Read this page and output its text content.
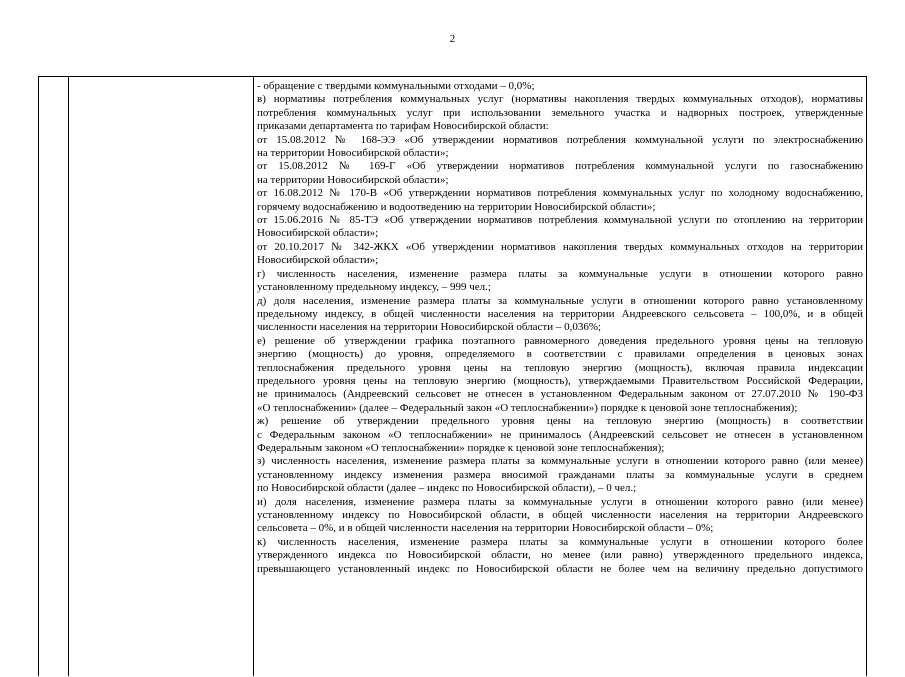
2
- обращение с твердыми коммунальными отходами – 0,0%;
в) нормативы потребления коммунальных услуг (нормативы накопления твердых коммунальных отходов), нормативы
потребления коммунальных услуг при использовании земельного участка и надворных построек, утвержденные
приказами департамента по тарифам Новосибирской области:
от 15.08.2012 № 168-ЭЭ «Об утверждении нормативов потребления коммунальной услуги по электроснабжению
на территории Новосибирской области»;
от 15.08.2012 № 169-Г «Об утверждении нормативов потребления коммунальной услуги по газоснабжению
на территории Новосибирской области»;
от 16.08.2012 № 170-В «Об утверждении нормативов потребления коммунальных услуг по холодному водоснабжению,
горячему водоснабжению и водоотведению на территории Новосибирской области»;
от 15.06.2016 № 85-ТЭ «Об утверждении нормативов потребления коммунальной услуги по отоплению на территории
Новосибирской области»;
от 20.10.2017 № 342-ЖКХ «Об утверждении нормативов накопления твердых коммунальных отходов на территории
Новосибирской области»;
г) численность населения, изменение размера платы за коммунальные услуги в отношении которого равно
установленному предельному индексу, – 999 чел.;
д) доля населения, изменение размера платы за коммунальные услуги в отношении которого равно установленному
предельному индексу, в общей численности населения на территории Андреевского сельсовета – 100,0%, и в общей
численности населения на территории Новосибирской области – 0,036%;
е) решение об утверждении графика поэтапного равномерного доведения предельного уровня цены на тепловую
энергию (мощность) до уровня, определяемого в соответствии с правилами определения в ценовых зонах
теплоснабжения предельного уровня цены на тепловую энергию (мощность), включая правила индексации
предельного уровня цены на тепловую энергию (мощность), утверждаемыми Правительством Российской Федерации,
не принималось (Андреевский сельсовет не отнесен в установленном Федеральным законом от 27.07.2010 № 190-ФЗ
«О теплоснабжении» (далее – Федеральный закон «О теплоснабжении») порядке к ценовой зоне теплоснабжения);
ж) решение об утверждении предельного уровня цены на тепловую энергию (мощность) в соответствии
с Федеральным законом «О теплоснабжении» не принималось (Андреевский сельсовет не отнесен в установленном
Федеральным законом «О теплоснабжении» порядке к ценовой зоне теплоснабжения);
з) численность населения, изменение размера платы за коммунальные услуги в отношении которого равно (или менее)
установленному индексу изменения размера вносимой гражданами платы за коммунальные услуги в среднем
по Новосибирской области (далее – индекс по Новосибирской области), – 0 чел.;
и) доля населения, изменение размера платы за коммунальные услуги в отношении которого равно (или менее)
установленному индексу по Новосибирской области, в общей численности населения на территории Андреевского
сельсовета – 0%, и в общей численности населения на территории Новосибирской области – 0%;
к) численность населения, изменение размера платы за коммунальные услуги в отношении которого более
утвержденного индекса по Новосибирской области, но менее (или равно) утвержденного предельного индекса,
превышающего установленный индекс по Новосибирской области не более чем на величину предельно допустимого
